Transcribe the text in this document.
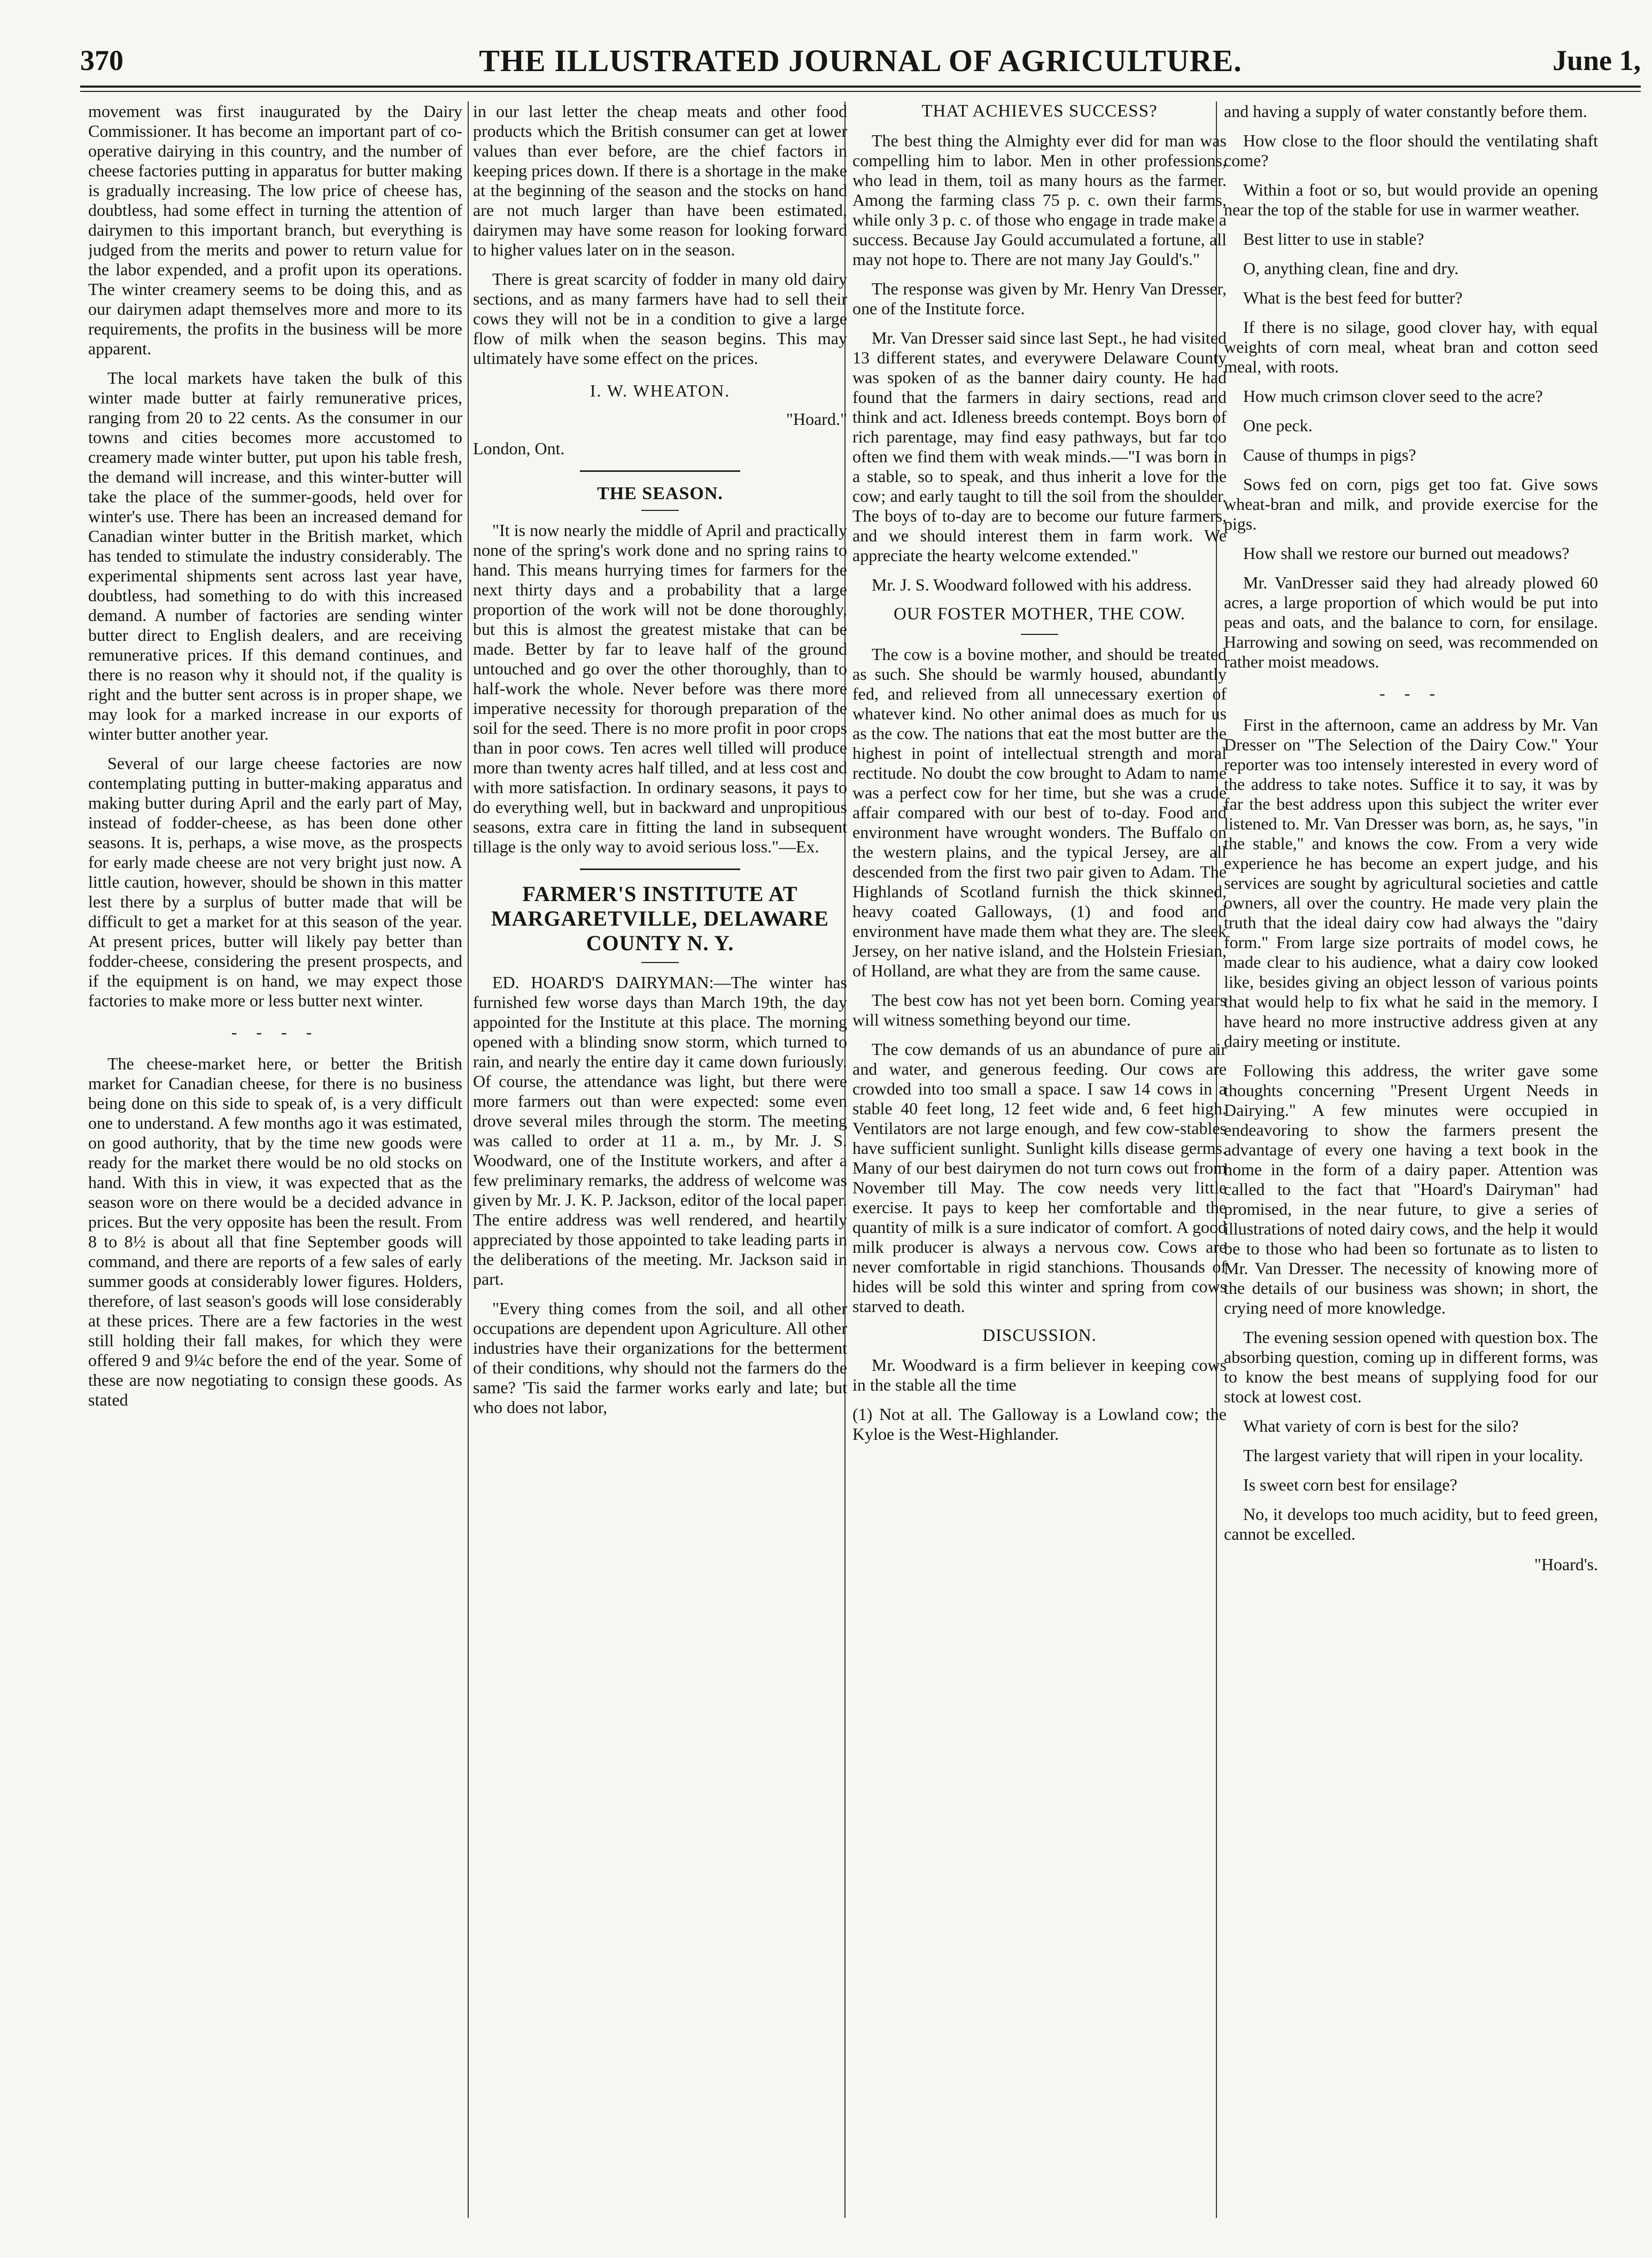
370	THE ILLUSTRATED JOURNAL OF AGRICULTURE.	June 1,

movement was first inaugurated by the Dairy Commissioner. It has become an important part of co-operative dairying in this country, and the number of cheese factories putting in apparatus for butter making is gradually increasing. The low price of cheese has, doubtless, had some effect in turning the attention of dairymen to this important branch, but everything is judged from the merits and power to return value for the labor expended, and a profit upon its operations. The winter creamery seems to be doing this, and as our dairymen adapt themselves more and more to its requirements, the profits in the business will be more apparent.

The local markets have taken the bulk of this winter made butter at fairly remunerative prices, ranging from 20 to 22 cents. As the consumer in our towns and cities becomes more accustomed to creamery made winter butter, put upon his table fresh, the demand will increase, and this winter-butter will take the place of the summer-goods, held over for winter's use. There has been an increased demand for Canadian winter butter in the British market, which has tended to stimulate the industry considerably. The experimental shipments sent across last year have, doubtless, had something to do with this increased demand. A number of factories are sending winter butter direct to English dealers, and are receiving remunerative prices. If this demand continues, and there is no reason why it should not, if the quality is right and the butter sent across is in proper shape, we may look for a marked increase in our exports of winter butter another year.

Several of our large cheese factories are now contemplating putting in butter-making apparatus and making butter during April and the early part of May, instead of fodder-cheese, as has been done other seasons. It is, perhaps, a wise move, as the prospects for early made cheese are not very bright just now. A little caution, however, should be shown in this matter lest there by a surplus of butter made that will be difficult to get a market for at this season of the year. At present prices, butter will likely pay better than fodder-cheese, considering the present prospects, and if the equipment is on hand, we may expect those factories to make more or less butter next winter.

- - - -

The cheese-market here, or better the British market for Canadian cheese, for there is no business being done on this side to speak of, is a very difficult one to understand. A few months ago it was estimated, on good authority, that by the time new goods were ready for the market there would be no old stocks on hand. With this in view, it was expected that as the season wore on there would be a decided advance in prices. But the very opposite has been the result. From 8 to 8½ is about all that fine September goods will command, and there are reports of a few sales of early summer goods at considerably lower figures. Holders, therefore, of last season's goods will lose considerably at these prices. There are a few factories in the west still holding their fall makes, for which they were offered 9 and 9¼c before the end of the year. Some of these are now negotiating to consign these goods. As stated

in our last letter the cheap meats and other food products which the British consumer can get at lower values than ever before, are the chief factors in keeping prices down. If there is a shortage in the make at the beginning of the season and the stocks on hand are not much larger than have been estimated, dairymen may have some reason for looking forward to higher values later on in the season.

There is great scarcity of fodder in many old dairy sections, and as many farmers have had to sell their cows they will not be in a condition to give a large flow of milk when the season begins. This may ultimately have some effect on the prices.

I. W. WHEATON.

"Hoard."

London, Ont.

THE SEASON.

"It is now nearly the middle of April and practically none of the spring's work done and no spring rains to hand. This means hurrying times for farmers for the next thirty days and a probability that a large proportion of the work will not be done thoroughly, but this is almost the greatest mistake that can be made. Better by far to leave half of the ground untouched and go over the other thoroughly, than to half-work the whole. Never before was there more imperative necessity for thorough preparation of the soil for the seed. There is no more profit in poor crops than in poor cows. Ten acres well tilled will produce more than twenty acres half tilled, and at less cost and with more satisfaction. In ordinary seasons, it pays to do everything well, but in backward and unpropitious seasons, extra care in fitting the land in subsequent tillage is the only way to avoid serious loss."—Ex.

FARMER'S INSTITUTE AT MARGARETVILLE, DELAWARE COUNTY N. Y.

ED. HOARD'S DAIRYMAN:—The winter has furnished few worse days than March 19th, the day appointed for the Institute at this place. The morning opened with a blinding snow storm, which turned to rain, and nearly the entire day it came down furiously. Of course, the attendance was light, but there were more farmers out than were expected: some even drove several miles through the storm. The meeting was called to order at 11 a. m., by Mr. J. S. Woodward, one of the Institute workers, and after a few preliminary remarks, the address of welcome was given by Mr. J. K. P. Jackson, editor of the local paper. The entire address was well rendered, and heartily appreciated by those appointed to take leading parts in the deliberations of the meeting. Mr. Jackson said in part.

"Every thing comes from the soil, and all other occupations are dependent upon Agriculture. All other industries have their organizations for the betterment of their conditions, why should not the farmers do the same? 'Tis said the farmer works early and late; but who does not labor,

THAT ACHIEVES SUCCESS?

The best thing the Almighty ever did for man was compelling him to labor. Men in other professions, who lead in them, toil as many hours as the farmer. Among the farming class 75 p. c. own their farms, while only 3 p. c. of those who engage in trade make a success. Because Jay Gould accumulated a fortune, all may not hope to. There are not many Jay Gould's."

The response was given by Mr. Henry Van Dresser, one of the Institute force.

Mr. Van Dresser said since last Sept., he had visited 13 different states, and everywere Delaware County was spoken of as the banner dairy county. He had found that the farmers in dairy sections, read and think and act. Idleness breeds contempt. Boys born of rich parentage, may find easy pathways, but far too often we find them with weak minds.—"I was born in a stable, so to speak, and thus inherit a love for the cow; and early taught to till the soil from the shoulder. The boys of to-day are to become our future farmers, and we should interest them in farm work. We appreciate the hearty welcome extended."

Mr. J. S. Woodward followed with his address.

OUR FOSTER MOTHER, THE COW.

The cow is a bovine mother, and should be treated as such. She should be warmly housed, abundantly fed, and relieved from all unnecessary exertion of whatever kind. No other animal does as much for us as the cow. The nations that eat the most butter are the highest in point of intellectual strength and moral rectitude. No doubt the cow brought to Adam to name was a perfect cow for her time, but she was a crude affair compared with our best of to-day. Food and environment have wrought wonders. The Buffalo on the western plains, and the typical Jersey, are all descended from the first two pair given to Adam. The Highlands of Scotland furnish the thick skinned, heavy coated Galloways, (1) and food and environment have made them what they are. The sleek Jersey, on her native island, and the Holstein Friesian, of Holland, are what they are from the same cause.

The best cow has not yet been born. Coming years will witness something beyond our time.

The cow demands of us an abundance of pure air and water, and generous feeding. Our cows are crowded into too small a space. I saw 14 cows in a stable 40 feet long, 12 feet wide and, 6 feet high. Ventilators are not large enough, and few cow-stables have sufficient sunlight. Sunlight kills disease germs. Many of our best dairymen do not turn cows out from November till May. The cow needs very little exercise. It pays to keep her comfortable and the quantity of milk is a sure indicator of comfort. A good milk producer is always a nervous cow. Cows are never comfortable in rigid stanchions. Thousands of hides will be sold this winter and spring from cows starved to death.

DISCUSSION.

Mr. Woodward is a firm believer in keeping cows in the stable all the time

(1) Not at all. The Galloway is a Lowland cow; the Kyloe is the West-Highlander.

and having a supply of water constantly before them.

How close to the floor should the ventilating shaft come?

Within a foot or so, but would provide an opening near the top of the stable for use in warmer weather.

Best litter to use in stable?

O, anything clean, fine and dry.

What is the best feed for butter?

If there is no silage, good clover hay, with equal weights of corn meal, wheat bran and cotton seed meal, with roots.

How much crimson clover seed to the acre?

One peck.

Cause of thumps in pigs?

Sows fed on corn, pigs get too fat. Give sows wheat-bran and milk, and provide exercise for the pigs.

How shall we restore our burned out meadows?

Mr. VanDresser said they had already plowed 60 acres, a large proportion of which would be put into peas and oats, and the balance to corn, for ensilage. Harrowing and sowing on seed, was recommended on rather moist meadows.

- - -

First in the afternoon, came an address by Mr. Van Dresser on "The Selection of the Dairy Cow." Your reporter was too intensely interested in every word of the address to take notes. Suffice it to say, it was by far the best address upon this subject the writer ever listened to. Mr. Van Dresser was born, as, he says, "in the stable," and knows the cow. From a very wide experience he has become an expert judge, and his services are sought by agricultural societies and cattle owners, all over the country. He made very plain the truth that the ideal dairy cow had always the "dairy form." From large size portraits of model cows, he made clear to his audience, what a dairy cow looked like, besides giving an object lesson of various points that would help to fix what he said in the memory. I have heard no more instructive address given at any dairy meeting or institute.

Following this address, the writer gave some thoughts concerning "Present Urgent Needs in Dairying." A few minutes were occupied in endeavoring to show the farmers present the advantage of every one having a text book in the home in the form of a dairy paper. Attention was called to the fact that "Hoard's Dairyman" had promised, in the near future, to give a series of illustrations of noted dairy cows, and the help it would be to those who had been so fortunate as to listen to Mr. Van Dresser. The necessity of knowing more of the details of our business was shown; in short, the crying need of more knowledge.

The evening session opened with question box. The absorbing question, coming up in different forms, was to know the best means of supplying food for our stock at lowest cost.

What variety of corn is best for the silo?

The largest variety that will ripen in your locality.

Is sweet corn best for ensilage?

No, it develops too much acidity, but to feed green, cannot be excelled.

"Hoard's.
